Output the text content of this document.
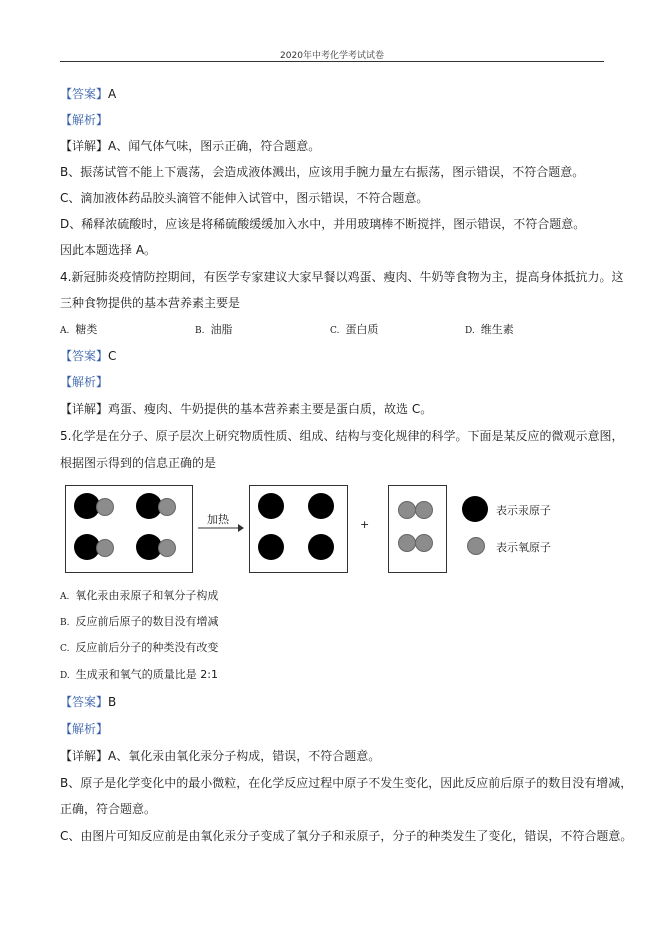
2020年中考化学考试试卷
【答案】A
【解析】
【详解】A、闻气体气味，图示正确，符合题意。
B、振荡试管不能上下震荡，会造成液体溅出，应该用手腕力量左右振荡，图示错误，不符合题意。
C、滴加液体药品胶头滴管不能伸入试管中，图示错误，不符合题意。
D、稀释浓硫酸时，应该是将稀硫酸缓缓加入水中，并用玻璃棒不断搅拌，图示错误，不符合题意。
因此本题选择 A。
4.新冠肺炎疫情防控期间，有医学专家建议大家早餐以鸡蛋、瘦肉、牛奶等食物为主，提高身体抵抗力。这
三种食物提供的基本营养素主要是
A. 糖类	B. 油脂	C. 蛋白质	D. 维生素
【答案】C
【解析】
【详解】鸡蛋、瘦肉、牛奶提供的基本营养素主要是蛋白质，故选 C。
5.化学是在分子、原子层次上研究物质性质、组成、结构与变化规律的科学。下面是某反应的微观示意图，
根据图示得到的信息正确的是
加热	+
表示汞原子
表示氧原子
A. 氧化汞由汞原子和氧分子构成
B. 反应前后原子的数目没有增减
C. 反应前后分子的种类没有改变
D. 生成汞和氧气的质量比是 2:1
【答案】B
【解析】
【详解】A、氧化汞由氧化汞分子构成，错误，不符合题意。
B、原子是化学变化中的最小微粒，在化学反应过程中原子不发生变化，因此反应前后原子的数目没有增减，
正确，符合题意。
C、由图片可知反应前是由氧化汞分子变成了氧分子和汞原子，分子的种类发生了变化，错误，不符合题意。
